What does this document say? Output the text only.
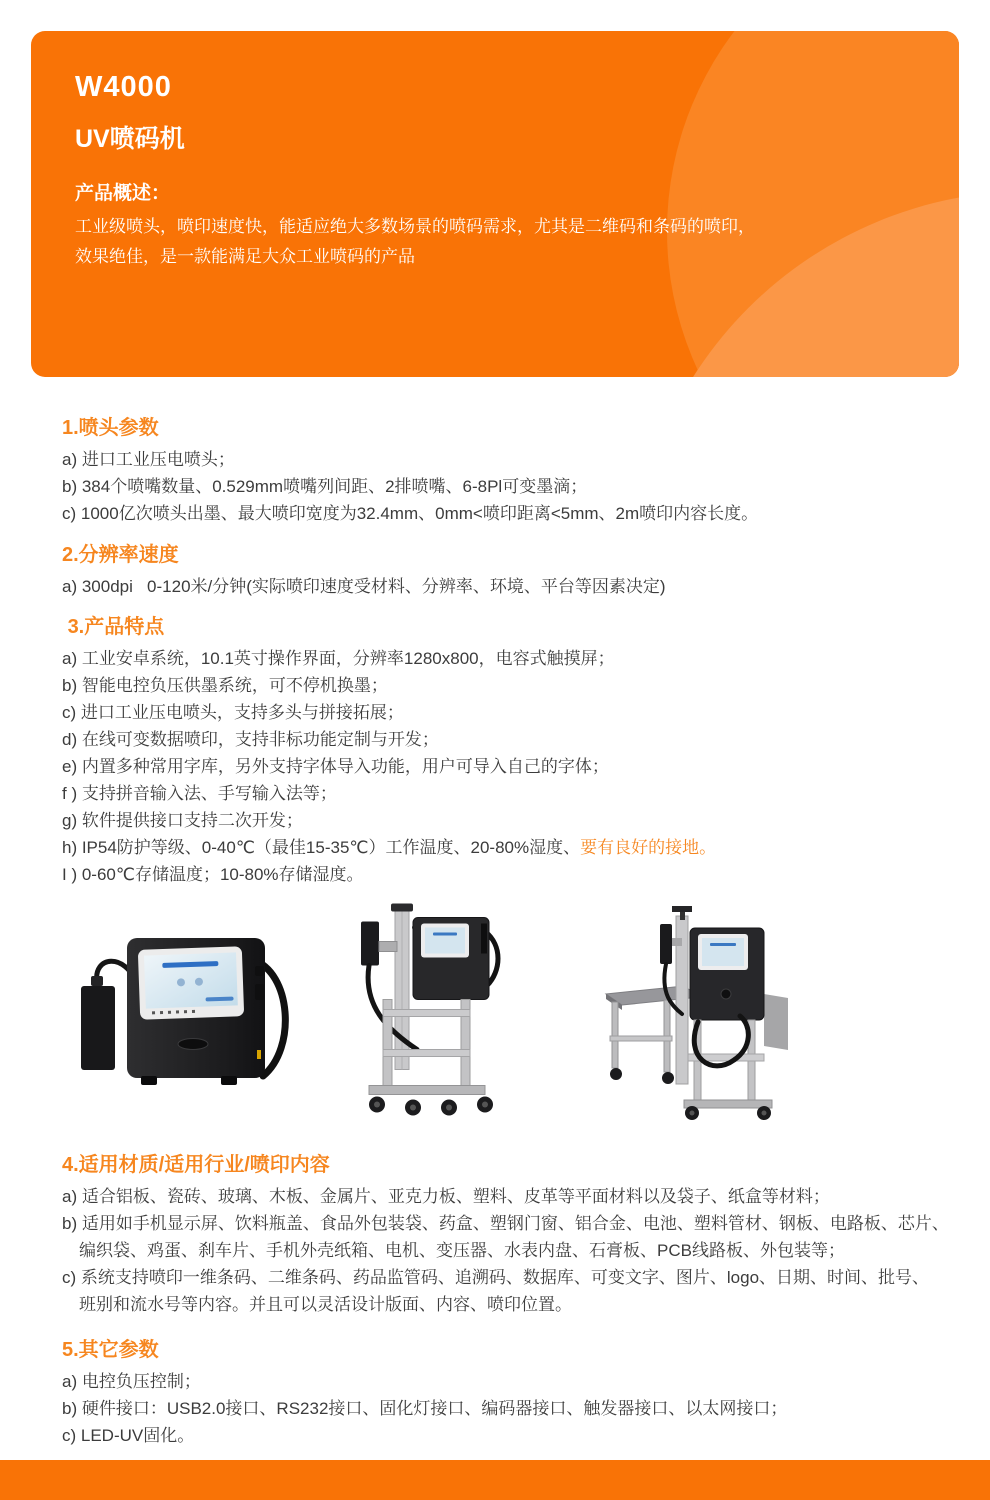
W4000
UV喷码机

产品概述：

工业级喷头，喷印速度快，能适应绝大多数场景的喷码需求，尤其是二维码和条码的喷印，

效果绝佳，是一款能满足大众工业喷码的产品

1.喷头参数

a) 进口工业压电喷头；

b) 384个喷嘴数量、0.529mm喷嘴列间距、2排喷嘴、6-8Pl可变墨滴；

c) 1000亿次喷头出墨、最大喷印宽度为32.4mm、0mm<喷印距离<5mm、2m喷印内容长度。

2.分辨率速度

a) 300dpi   0-120米/分钟(实际喷印速度受材料、分辨率、环境、平台等因素决定)

3.产品特点

a) 工业安卓系统，10.1英寸操作界面，分辨率1280x800，电容式触摸屏；

b) 智能电控负压供墨系统，可不停机换墨；

c) 进口工业压电喷头，支持多头与拼接拓展；

d) 在线可变数据喷印，支持非标功能定制与开发；

e) 内置多种常用字库，另外支持字体导入功能，用户可导入自己的字体；

f ) 支持拼音输入法、手写输入法等；

g) 软件提供接口支持二次开发；

h) IP54防护等级、0-40℃（最佳15-35℃）工作温度、20-80%湿度、要有良好的接地。

I ) 0-60℃存储温度；10-80%存储湿度。

4.适用材质/适用行业/喷印内容

a) 适合铝板、瓷砖、玻璃、木板、金属片、亚克力板、塑料、皮革等平面材料以及袋子、纸盒等材料；

b) 适用如手机显示屏、饮料瓶盖、食品外包装袋、药盒、塑钢门窗、铝合金、电池、塑料管材、钢板、电路板、芯片、

编织袋、鸡蛋、刹车片、手机外壳纸箱、电机、变压器、水表内盘、石膏板、PCB线路板、外包装等；

c) 系统支持喷印一维条码、二维条码、药品监管码、追溯码、数据库、可变文字、图片、logo、日期、时间、批号、

班别和流水号等内容。并且可以灵活设计版面、内容、喷印位置。

5.其它参数

a) 电控负压控制；

b) 硬件接口：USB2.0接口、RS232接口、固化灯接口、编码器接口、触发器接口、以太网接口；

c) LED-UV固化。
